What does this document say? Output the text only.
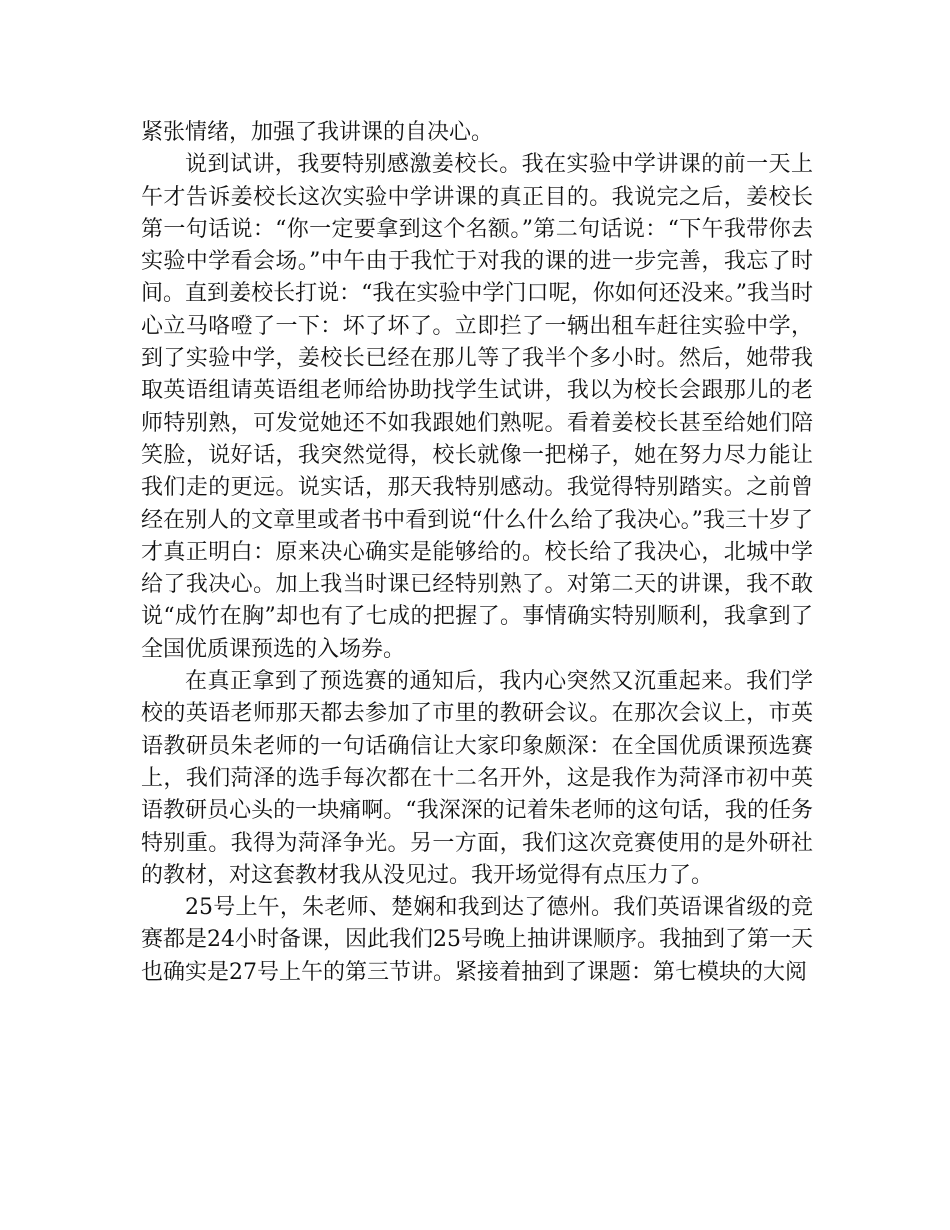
紧张情绪，加强了我讲课的自决心。

说到试讲，我要特别感激姜校长。我在实验中学讲课的前一天上午才告诉姜校长这次实验中学讲课的真正目的。我说完之后，姜校长第一句话说：“你一定要拿到这个名额。”第二句话说：“下午我带你去实验中学看会场。”中午由于我忙于对我的课的进一步完善，我忘了时间。直到姜校长打说：“我在实验中学门口呢，你如何还没来。”我当时心立马咯噔了一下：坏了坏了。立即拦了一辆出租车赶往实验中学，到了实验中学，姜校长已经在那儿等了我半个多小时。然后，她带我取英语组请英语组老师给协助找学生试讲，我以为校长会跟那儿的老师特别熟，可发觉她还不如我跟她们熟呢。看着姜校长甚至给她们陪笑脸，说好话，我突然觉得，校长就像一把梯子，她在努力尽力能让我们走的更远。说实话，那天我特别感动。我觉得特别踏实。之前曾经在别人的文章里或者书中看到说“什么什么给了我决心。”我三十岁了才真正明白：原来决心确实是能够给的。校长给了我决心，北城中学给了我决心。加上我当时课已经特别熟了。对第二天的讲课，我不敢说“成竹在胸”却也有了七成的把握了。事情确实特别顺利，我拿到了全国优质课预选的入场券。

在真正拿到了预选赛的通知后，我内心突然又沉重起来。我们学校的英语老师那天都去参加了市里的教研会议。在那次会议上，市英语教研员朱老师的一句话确信让大家印象颇深：在全国优质课预选赛上，我们菏泽的选手每次都在十二名开外，这是我作为菏泽市初中英语教研员心头的一块痛啊。“我深深的记着朱老师的这句话，我的任务特别重。我得为菏泽争光。另一方面，我们这次竞赛使用的是外研社的教材，对这套教材我从没见过。我开场觉得有点压力了。

25号上午，朱老师、楚娴和我到达了德州。我们英语课省级的竞赛都是24小时备课，因此我们25号晚上抽讲课顺序。我抽到了第一天也确实是27号上午的第三节讲。紧接着抽到了课题：第七模块的大阅
